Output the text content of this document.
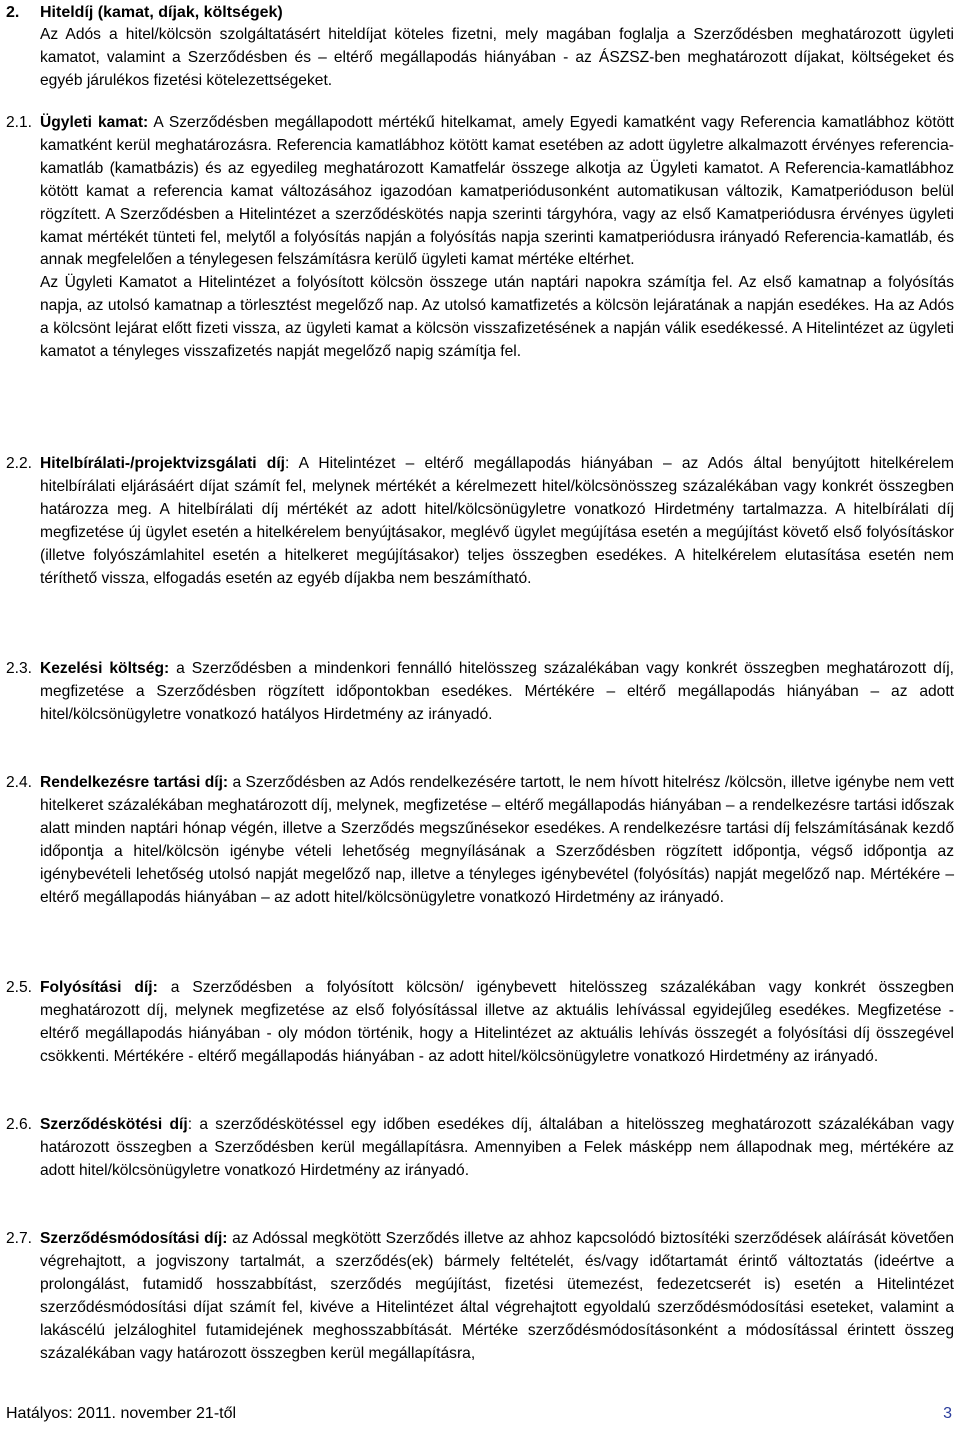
2. Hiteldíj (kamat, díjak, költségek)

Az Adós a hitel/kölcsön szolgáltatásért hiteldíjat köteles fizetni, mely magában foglalja a Szerződésben meghatározott ügyleti kamatot, valamint a Szerződésben és – eltérő megállapodás hiányában - az ÁSZSZ-ben meghatározott díjakat, költségeket és egyéb járulékos fizetési kötelezettségeket.

2.1. Ügyleti kamat: A Szerződésben megállapodott mértékű hitelkamat, amely Egyedi kamatként vagy Referencia kamatlábhoz kötött kamatként kerül meghatározásra. Referencia kamatlábhoz kötött kamat esetében az adott ügyletre alkalmazott érvényes referencia-kamatláb (kamatbázis) és az egyedileg meghatározott Kamatfelár összege alkotja az Ügyleti kamatot. A Referencia-kamatlábhoz kötött kamat a referencia kamat változásához igazodóan kamatperiódusonként automatikusan változik, Kamatperióduson belül rögzített. A Szerződésben a Hitelintézet a szerződéskötés napja szerinti tárgyhóra, vagy az első Kamatperiódusra érvényes ügyleti kamat mértékét tünteti fel, melytől a folyósítás napján a folyósítás napja szerinti kamatperiódusra irányadó Referencia-kamatláb, és annak megfelelően a ténylegesen felszámításra kerülő ügyleti kamat mértéke eltérhet.

Az Ügyleti Kamatot a Hitelintézet a folyósított kölcsön összege után naptári napokra számítja fel. Az első kamatnap a folyósítás napja, az utolsó kamatnap a törlesztést megelőző nap. Az utolsó kamatfizetés a kölcsön lejáratának a napján esedékes. Ha az Adós a kölcsönt lejárat előtt fizeti vissza, az ügyleti kamat a kölcsön visszafizetésének a napján válik esedékessé. A Hitelintézet az ügyleti kamatot a tényleges visszafizetés napját megelőző napig számítja fel.

2.2. Hitelbírálati-/projektvizsgálati díj: A Hitelintézet – eltérő megállapodás hiányában – az Adós által benyújtott hitelkérelem hitelbírálati eljárásáért díjat számít fel, melynek mértékét a kérelmezett hitel/kölcsönösszeg százalékában vagy konkrét összegben határozza meg. A hitelbírálati díj mértékét az adott hitel/kölcsönügyletre vonatkozó Hirdetmény tartalmazza. A hitelbírálati díj megfizetése új ügylet esetén a hitelkérelem benyújtásakor, meglévő ügylet megújítása esetén a megújítást követő első folyósításkor (illetve folyószámlahitel esetén a hitelkeret megújításakor) teljes összegben esedékes. A hitelkérelem elutasítása esetén nem téríthető vissza, elfogadás esetén az egyéb díjakba nem beszámítható.

2.3. Kezelési költség: a Szerződésben a mindenkori fennálló hitelösszeg százalékában vagy konkrét összegben meghatározott díj, megfizetése a Szerződésben rögzített időpontokban esedékes. Mértékére – eltérő megállapodás hiányában – az adott hitel/kölcsönügyletre vonatkozó hatályos Hirdetmény az irányadó.

2.4. Rendelkezésre tartási díj: a Szerződésben az Adós rendelkezésére tartott, le nem hívott hitelrész /kölcsön, illetve igénybe nem vett hitelkeret százalékában meghatározott díj, melynek, megfizetése – eltérő megállapodás hiányában – a rendelkezésre tartási időszak alatt minden naptári hónap végén, illetve a Szerződés megszűnésekor esedékes. A rendelkezésre tartási díj felszámításának kezdő időpontja a hitel/kölcsön igénybe vételi lehetőség megnyílásának a Szerződésben rögzített időpontja, végső időpontja az igénybevételi lehetőség utolsó napját megelőző nap, illetve a tényleges igénybevétel (folyósítás) napját megelőző nap. Mértékére – eltérő megállapodás hiányában – az adott hitel/kölcsönügyletre vonatkozó Hirdetmény az irányadó.

2.5. Folyósítási díj: a Szerződésben a folyósított kölcsön/ igénybevett hitelösszeg százalékában vagy konkrét összegben meghatározott díj, melynek megfizetése az első folyósítással illetve az aktuális lehívással egyidejűleg esedékes. Megfizetése - eltérő megállapodás hiányában - oly módon történik, hogy a Hitelintézet az aktuális lehívás összegét a folyósítási díj összegével csökkenti. Mértékére - eltérő megállapodás hiányában - az adott hitel/kölcsönügyletre vonatkozó Hirdetmény az irányadó.

2.6. Szerződéskötési díj: a szerződéskötéssel egy időben esedékes díj, általában a hitelösszeg meghatározott százalékában vagy határozott összegben a Szerződésben kerül megállapításra. Amennyiben a Felek másképp nem állapodnak meg, mértékére az adott hitel/kölcsönügyletre vonatkozó Hirdetmény az irányadó.

2.7. Szerződésmódosítási díj: az Adóssal megkötött Szerződés illetve az ahhoz kapcsolódó biztosítéki szerződések aláírását követően végrehajtott, a jogviszony tartalmát, a szerződés(ek) bármely feltételét, és/vagy időtartamát érintő változtatás (ideértve a prolongálást, futamidő hosszabbítást, szerződés megújítást, fizetési ütemezést, fedezetcserét is) esetén a Hitelintézet szerződésmódosítási díjat számít fel, kivéve a Hitelintézet által végrehajtott egyoldalú szerződésmódosítási eseteket, valamint a lakáscélú jelzáloghitel futamidejének meghosszabbítását. Mértéke szerződésmódosításonként a módosítással érintett összeg százalékában vagy határozott összegben kerül megállapításra,

Hatályos: 2011. november 21-től	3
